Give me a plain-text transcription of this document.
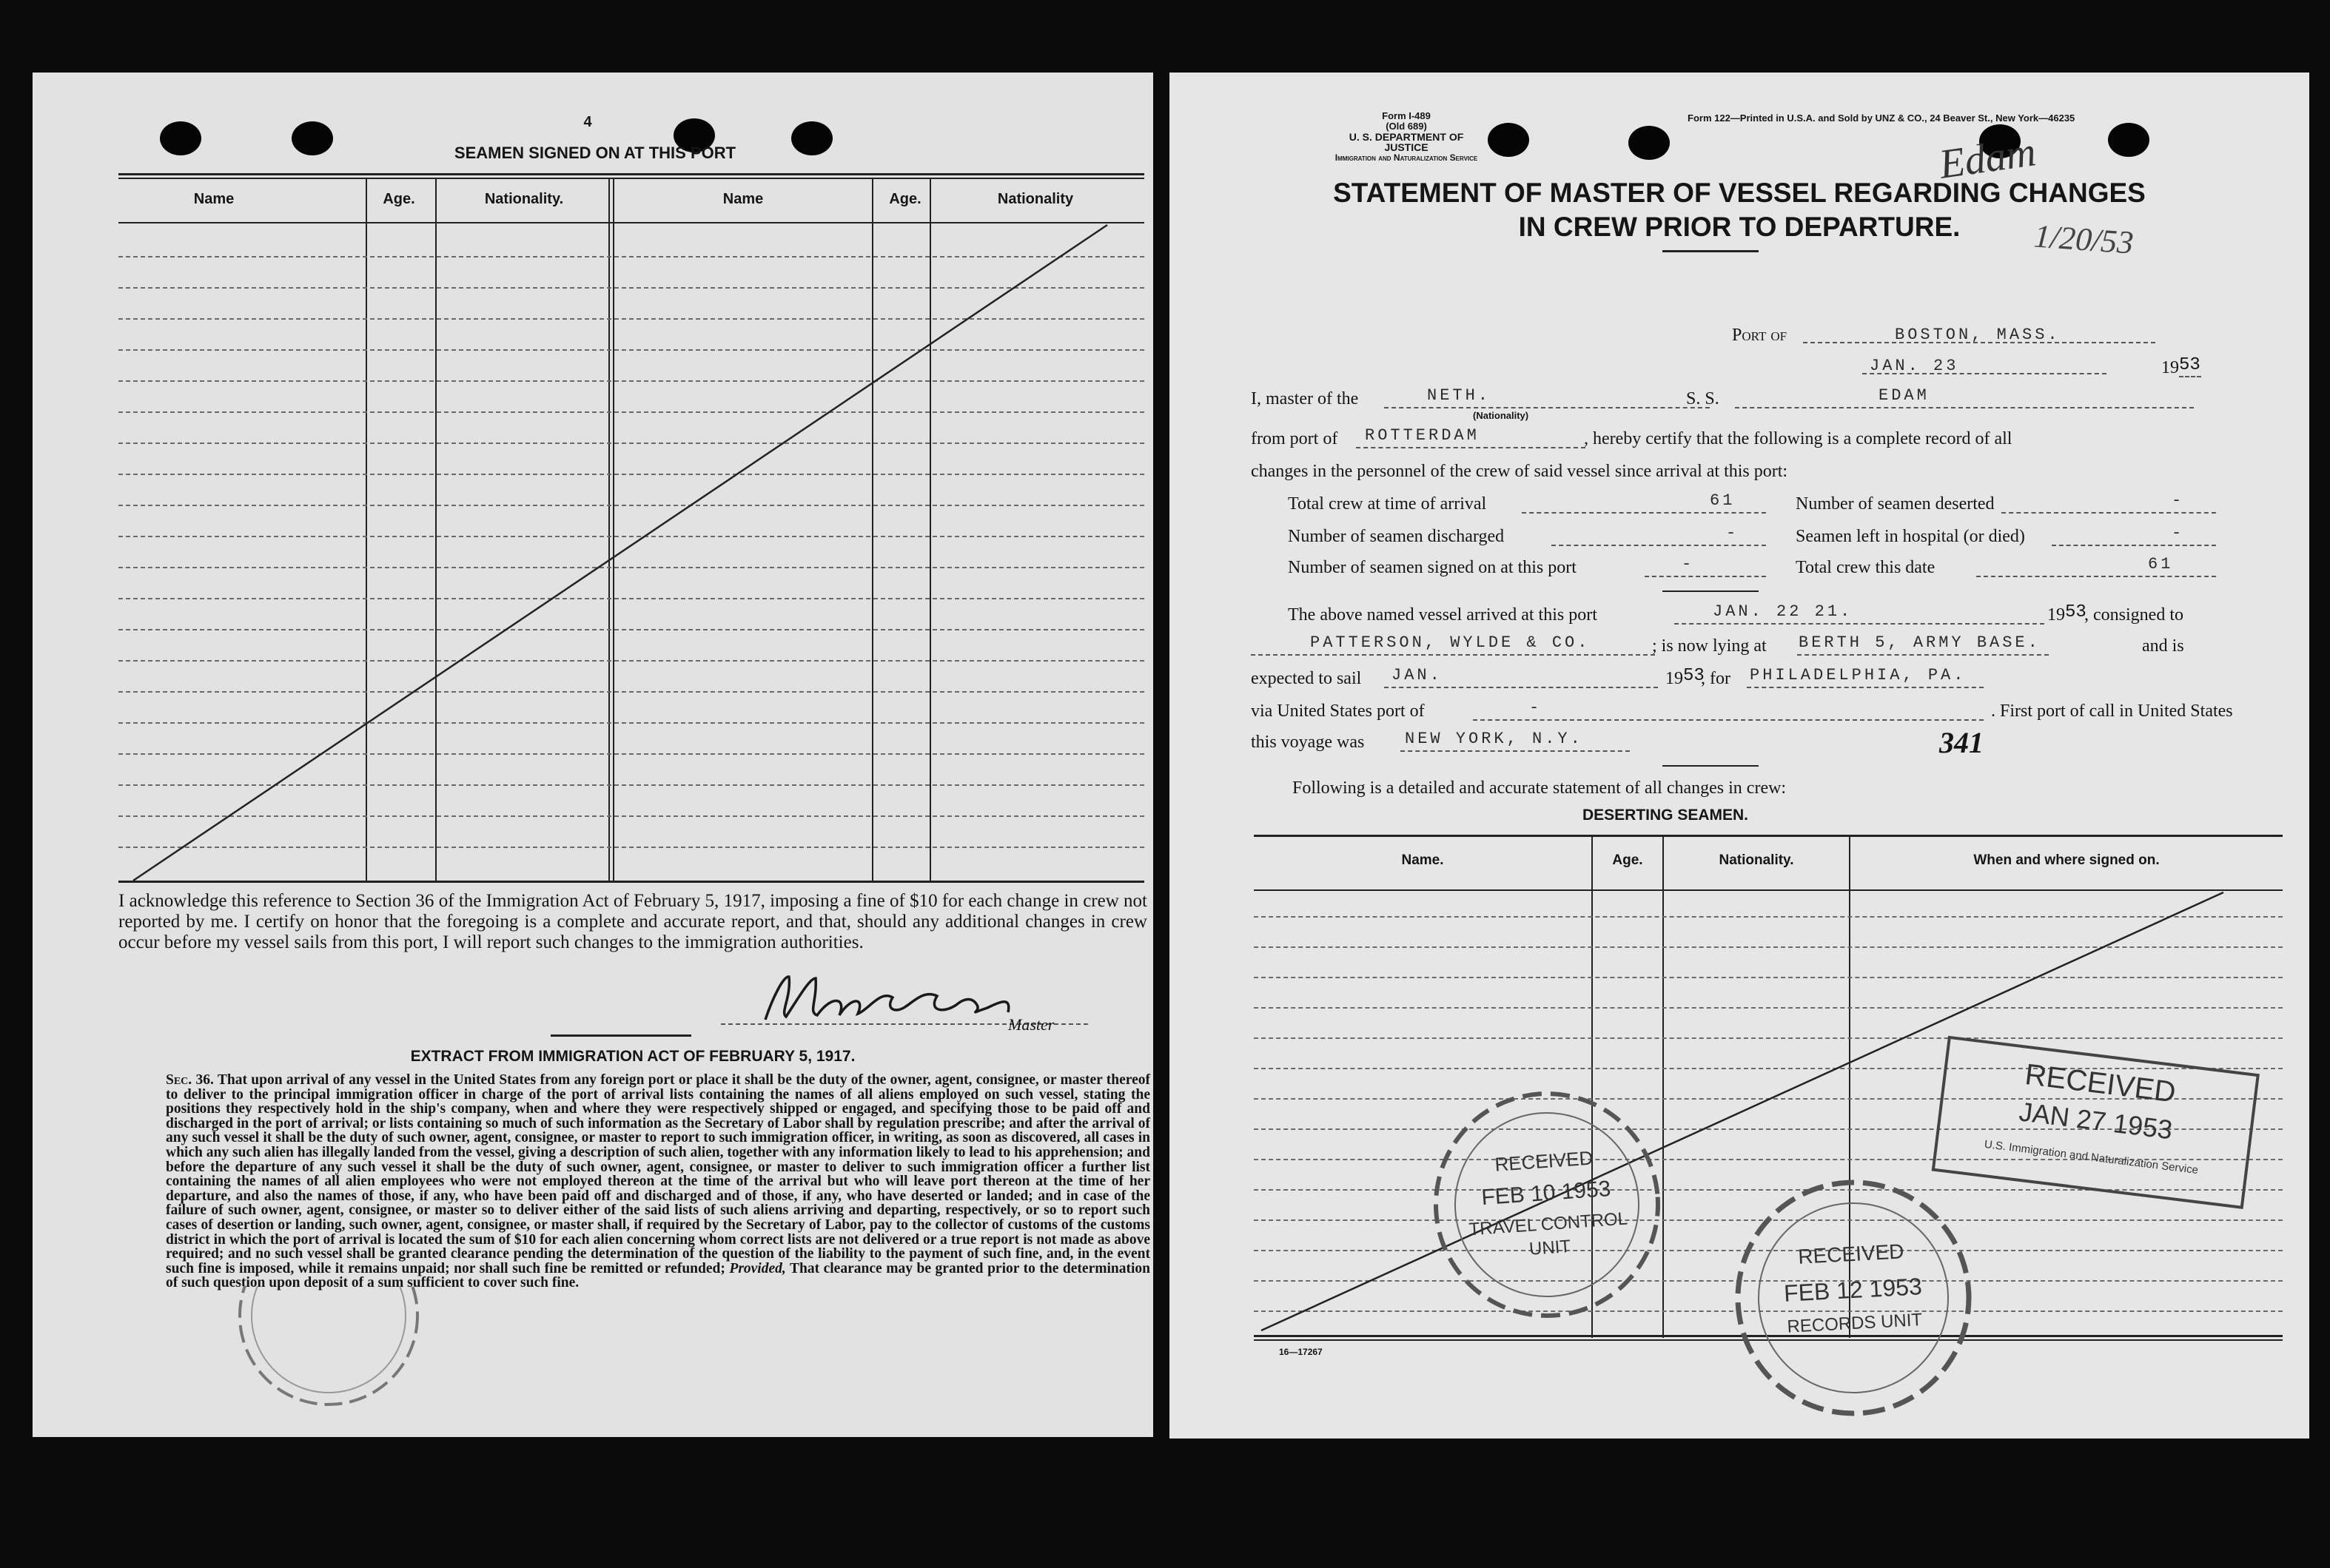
4
SEAMEN SIGNED ON AT THIS PORT
Name	Age.	Nationality.	Name	Age.	Nationality
I acknowledge this reference to Section 36 of the Immigration Act of February 5, 1917, imposing a fine of $10 for each change in crew not reported by me. I certify on honor that the foregoing is a complete and accurate report, and that, should any additional changes in crew occur before my vessel sails from this port, I will report such changes to the immigration authorities.
Master
EXTRACT FROM IMMIGRATION ACT OF FEBRUARY 5, 1917.
Sec. 36. That upon arrival of any vessel in the United States from any foreign port or place it shall be the duty of the owner, agent, consignee, or master thereof to deliver to the principal immigration officer in charge of the port of arrival lists containing the names of all aliens employed on such vessel, stating the positions they respectively hold in the ship's company, when and where they were respectively shipped or engaged, and specifying those to be paid off and discharged in the port of arrival; or lists containing so much of such information as the Secretary of Labor shall by regulation prescribe; and after the arrival of any such vessel it shall be the duty of such owner, agent, consignee, or master to report to such immigration officer, in writing, as soon as discovered, all cases in which any such alien has illegally landed from the vessel, giving a description of such alien, together with any information likely to lead to his apprehension; and before the departure of any such vessel it shall be the duty of such owner, agent, consignee, or master to deliver to such immigration officer a further list containing the names of all alien employees who were not employed thereon at the time of the arrival but who will leave port thereon at the time of her departure, and also the names of those, if any, who have been paid off and discharged and of those, if any, who have deserted or landed; and in case of the failure of such owner, agent, consignee, or master so to deliver either of the said lists of such aliens arriving and departing, respectively, or so to report such cases of desertion or landing, such owner, agent, consignee, or master shall, if required by the Secretary of Labor, pay to the collector of customs of the customs district in which the port of arrival is located the sum of $10 for each alien concerning whom correct lists are not delivered or a true report is not made as above required; and no such vessel shall be granted clearance pending the determination of the question of the liability to the payment of such fine, and, in the event such fine is imposed, while it remains unpaid; nor shall such fine be remitted or refunded; Provided, That clearance may be granted prior to the determination of such question upon deposit of a sum sufficient to cover such fine.
Form I-489
(Old 689)
U. S. DEPARTMENT OF JUSTICE
Immigration and Naturalization Service
Form 122—Printed in U.S.A. and Sold by UNZ & CO., 24 Beaver St., New York—46235
Edam
1/20/53
STATEMENT OF MASTER OF VESSEL REGARDING CHANGES
IN CREW PRIOR TO DEPARTURE.
Port of	BOSTON, MASS.
JAN. 23	19 53
I, master of the	NETH.
(Nationality)
S. S.	EDAM
from port of ROTTERDAM	, hereby certify that the following is a complete record of all
changes in the personnel of the crew of said vessel since arrival at this port:
Total crew at time of arrival	61	Number of seamen deserted	-
Number of seamen discharged	-	Seamen left in hospital (or died)	-
Number of seamen signed on at this port	-	Total crew this date	61
The above named vessel arrived at this port	JAN. 22 21.	19 53
, consigned to
PATTERSON, WYLDE & CO.	; is now lying at BERTH 5, ARMY BASE.	and is
expected to sail JAN.	19 53
, for PHILADELPHIA, PA.
via United States port of	-	. First port of call in United States
this voyage was NEW YORK, N.Y.	341
Following is a detailed and accurate statement of all changes in crew:
DESERTING SEAMEN.
Name.	Age.	Nationality.	When and where signed on.
16—17267
RECEIVED
JAN 27 1953
U.S. Immigration and Naturalization Service
RECEIVED
FEB 10 1953
TRAVEL CONTROL
UNIT	RECEIVED
FEB 12 1953
RECORDS UNIT
